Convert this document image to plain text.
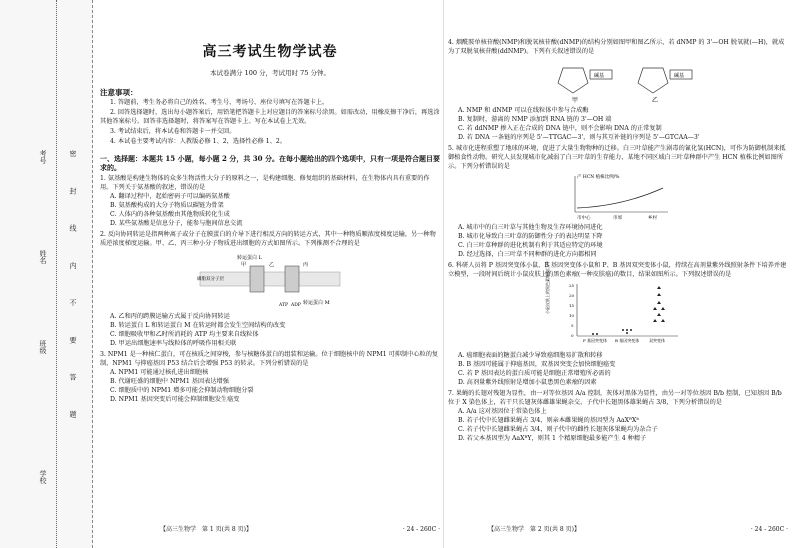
密 封 线 内 不 要 答 题
考号
姓名
班级
学校
高三考试生物学试卷
本试卷满分 100 分，考试用时 75 分钟。
注意事项：
1. 答题前，考生务必将自己的姓名、考生号、考场号、座位号填写在答题卡上。
2. 回答选择题时，选出每小题答案后，用铅笔把答题卡上对应题目的答案标号涂黑。如需改动，用橡皮擦干净后，再选涂其他答案标号。回答非选择题时，将答案写在答题卡上。写在本试卷上无效。
3. 考试结束后，将本试卷和答题卡一并交回。
4. 本试卷主要考试内容：人教版必修 1、2，选择性必修 1、2。
一、选择题：本题共 15 小题，每小题 2 分，共 30 分。在每小题给出的四个选项中，只有一项是符合题目要求的。
1. 氨基酸是构建生物体的众多生物活性大分子的原料之一，是构建细胞、修复组织的基础材料，在生物体内具有重要的作用。下列关于氨基酸的叙述，错误的是
A. 翻译过程中，起始密码子可以编码氨基酸
B. 氨基酸构成的大分子物质以碳链为骨架
C. 人体内的各种氨基酸由其他物质转化生成
D. 某些氨基酸是信息分子，能参与胞间信息交流
2. 反向协同转运是指两种离子或分子在膜蛋白的介导下进行相反方向的转运方式，其中一种物质顺浓度梯度运输，另一种物质逆浓度梯度运输。甲、乙、丙三种小分子物质进出细胞的方式如图所示。下列推测不合理的是
转运蛋白 L
磷脂双分子层
转运蛋白 M
甲	乙	丙
ATP ADP
A. 乙和丙的跨膜运输方式属于反向协同转运
B. 转运蛋白 L 和转运蛋白 M 在转运时都会发生空间结构的改变
C. 细胞吸收甲和乙时所消耗的 ATP 均主要来自线粒体
D. 甲运出细胞速率与线粒体的呼吸作用相关联
3. NPM1 是一种核仁蛋白，可在核质之间穿梭，参与核糖体蛋白的组装和运输。位于细胞核中的 NPM1 可抑制中心粒的复制，NPM1 与抑癌基因 P53 结合后会增强 P53 的转录。下列分析错误的是
A. NPM1 可能通过核孔进出细胞核
B. 代谢旺盛的细胞中 NPM1 基因表达增强
C. 细胞质中的 NPM1 增多可能会抑制动物细胞分裂
D. NPM1 基因突变后可能会抑制细胞发生癌变
【高三生物学　第 1 页(共 8 页)】	· 24 - 260C ·
4. 烟酰胺单核苷酸(NMP)和脱氧核苷酸(dNMP)的结构分别如图甲和图乙所示，若 dNMP 的 3'—OH 脱氧就(—H)，就成为了双脱氧核苷酸(ddNMP)。下列有关叙述错误的是
碱基
甲
碱基
乙
A. NMP 和 dNMP 可以在线粒体中参与合成酶
B. 复制时，游离的 NMP 添加到 RNA 链的 3'—OH 端
C. 若 ddNMP 掺入正在合成的 DNA 链中，则不会影响 DNA 的正常复制
D. 若 DNA 一条链的序列是 5'—TTGAC—3'，则与其互补链的序列是 5'—GTCAA—3'
5. 城市化进程重塑了地球的环境，促进了大量生物物种的迁移。白三叶草能产生剧毒的氰化氢(HCN)，可作为防御机制来抵御植食性动物。研究人员发现城市化减弱了白三叶草的生存能力，某地不同区域白三叶草种群中产生 HCN 植株比例如图所示。下列分析错误的是
产 HCN 植株比例/%
市中心	市郊	乡村
A. 城市中的白三叶草与其他生物及生存环境协同进化
B. 城市化导致白三叶草的防御性分子的表达明显下降
C. 白三叶草种群的进化机制有利于其适应特定的环境
D. 经过选择，白三叶草不同种群的进化方向都相同
6. 科研人员将 P 基因突变体小鼠、B 基因突变体小鼠和 P、B 基因双突变体小鼠，持续在高剂量紫外线照射条件下培养并建立模型，一段时间后统计小鼠皮肤上的黑色素瘤(一种皮肤癌)的数目，结果如图所示。下列叙述错误的是
小鼠皮肤上的黑色素瘤数目/个
0
5
10
15
20
25
P 基因突变体 B 基因突变体 双突变体
A. 癌细胞表面的糖蛋白减少导致癌细胞易扩散和转移
B. B 基因可能属于抑癌基因，双基因突变会加快细胞癌变
C. 若 P 基因表达的蛋白质可能是细胞正常增殖所必需的
D. 高剂量紫外线照射是增加小鼠患黑色素瘤的因素
7. 果蝇的长翅对残翅为显性，由一对等位基因 A/a 控制，灰体对黑体为显性，由另一对等位基因 B/b 控制，已知基因 B/b 位于 X 染色体上，若干只长翅灰体雌雄果蝇杂交，子代中长翅黑体雄果蝇占 3/8，下列分析错误的是
A. A/a 这对基因位于常染色体上
B. 若子代中长翅雌果蝇占 3/4，则亲本雌果蝇的基因型为 AaXᴮXᵇ
C. 若子代中长翅雌果蝇占 3/4，则子代中的雌性长翅灰体果蝇均为杂合子
D. 若父本基因型为 AaXᴮY，则其 1 个精原细胞最多能产生 4 种精子
【高三生物学　第 2 页(共 8 页)】	· 24 - 260C ·
